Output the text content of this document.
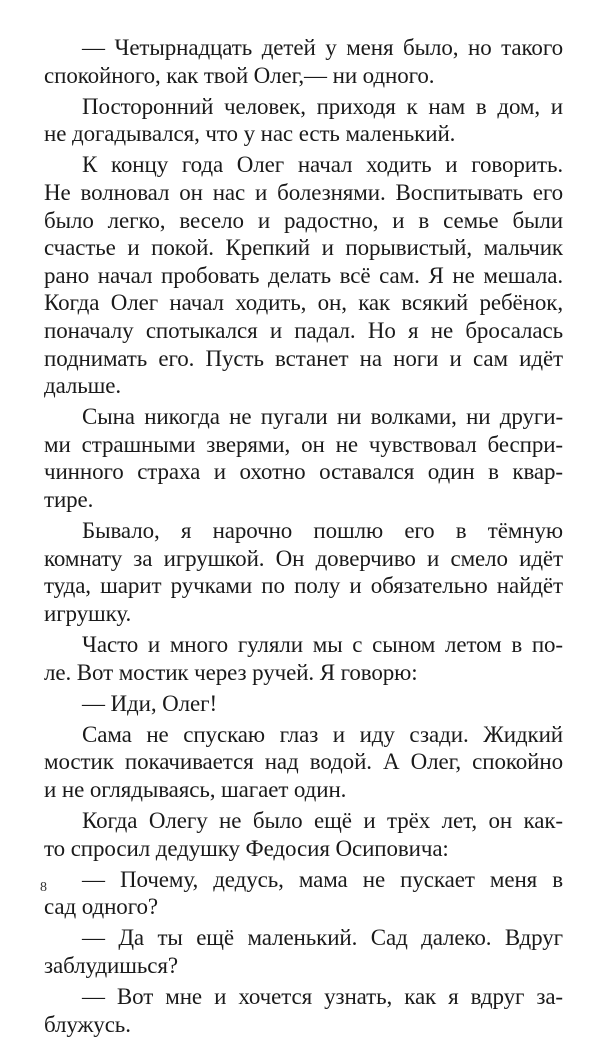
— Четырнадцать детей у меня было, но такого
спокойного, как твой Олег,— ни одного.

Посторонний человек, приходя к нам в дом, и
не догадывался, что у нас есть маленький.

К концу года Олег начал ходить и говорить.
Не волновал он нас и болезнями. Воспитывать его
было легко, весело и радостно, и в семье были
счастье и покой. Крепкий и порывистый, мальчик
рано начал пробовать делать всё сам. Я не мешала.
Когда Олег начал ходить, он, как всякий ребёнок,
поначалу спотыкался и падал. Но я не бросалась
поднимать его. Пусть встанет на ноги и сам идёт
дальше.

Сына никогда не пугали ни волками, ни други-
ми страшными зверями, он не чувствовал беспри-
чинного страха и охотно оставался один в квар-
тире.

Бывало, я нарочно пошлю его в тёмную
комнату за игрушкой. Он доверчиво и смело идёт
туда, шарит ручками по полу и обязательно найдёт
игрушку.

Часто и много гуляли мы с сыном летом в по-
ле. Вот мостик через ручей. Я говорю:

— Иди, Олег!

Сама не спускаю глаз и иду сзади. Жидкий
мостик покачивается над водой. А Олег, спокойно
и не оглядываясь, шагает один.

Когда Олегу не было ещё и трёх лет, он как-
то спросил дедушку Федосия Осиповича:

— Почему, дедусь, мама не пускает меня в
сад одного?

— Да ты ещё маленький. Сад далеко. Вдруг
заблудишься?

— Вот мне и хочется узнать, как я вдруг за-
блужусь.

8
